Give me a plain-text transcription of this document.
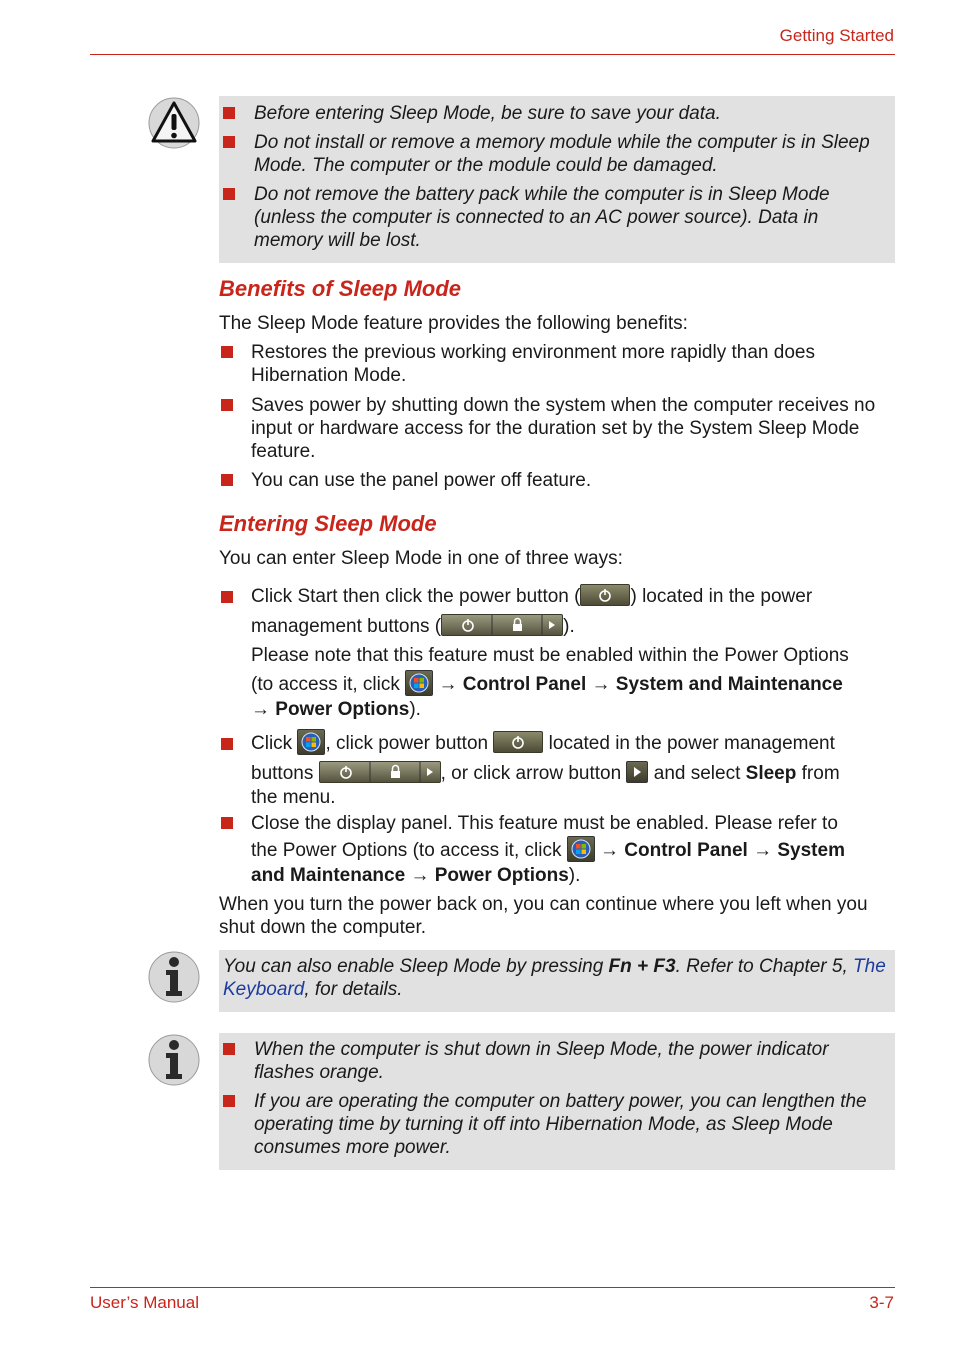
Getting Started
Before entering Sleep Mode, be sure to save your data.
Do not install or remove a memory module while the computer is in Sleep Mode. The computer or the module could be damaged.
Do not remove the battery pack while the computer is in Sleep Mode (unless the computer is connected to an AC power source). Data in memory will be lost.
Benefits of Sleep Mode
The Sleep Mode feature provides the following benefits:
Restores the previous working environment more rapidly than does Hibernation Mode.
Saves power by shutting down the system when the computer receives no input or hardware access for the duration set by the System Sleep Mode feature.
You can use the panel power off feature.
Entering Sleep Mode
You can enter Sleep Mode in one of three ways:
Click Start then click the power button (	) located in the power
management buttons (	).
Please note that this feature must be enabled within the Power Options
(to access it, click → Control Panel → System and Maintenance
→ Power Options).
Click , click power button	located in the power management
buttons	, or click arrow button and select Sleep from
the menu.
Close the display panel. This feature must be enabled. Please refer to
the Power Options (to access it, click → Control Panel → System
and Maintenance → Power Options).
When you turn the power back on, you can continue where you left when you shut down the computer.
You can also enable Sleep Mode by pressing Fn + F3. Refer to Chapter 5, The Keyboard, for details.
When the computer is shut down in Sleep Mode, the power indicator flashes orange.
If you are operating the computer on battery power, you can lengthen the operating time by turning it off into Hibernation Mode, as Sleep Mode consumes more power.
User’s Manual	3-7
